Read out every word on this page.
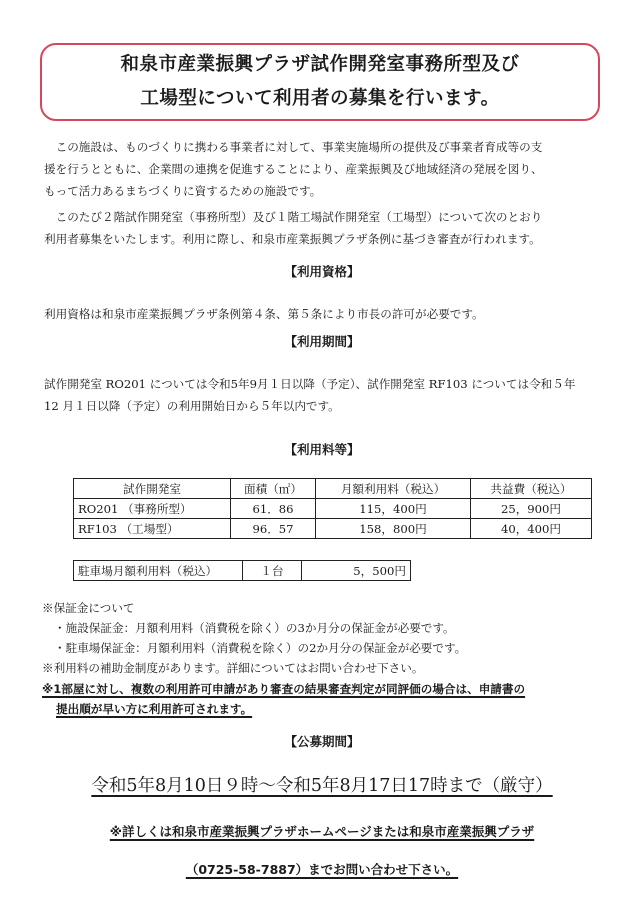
和泉市産業振興プラザ試作開発室事務所型及び
工場型について利用者の募集を行います。
　この施設は、ものづくりに携わる事業者に対して、事業実施場所の提供及び事業者育成等の支
援を行うとともに、企業間の連携を促進することにより、産業振興及び地域経済の発展を図り、
もって活力あるまちづくりに資するための施設です。
　このたび２階試作開発室（事務所型）及び１階工場試作開発室（工場型）について次のとおり
利用者募集をいたします。利用に際し、和泉市産業振興プラザ条例に基づき審査が行われます。
【利用資格】
利用資格は和泉市産業振興プラザ条例第４条、第５条により市長の許可が必要です。
【利用期間】
試作開発室 RO201 については令和5年9月１日以降（予定）、試作開発室 RF103 については令和５年
12 月１日以降（予定）の利用開始日から５年以内です。
【利用料等】
試作開発室	面積（㎡）	月額利用料（税込）	共益費（税込）
RO201 （事務所型）	61．86	115，400円	25，900円
RF103 （工場型）	96．57	158，800円	40，400円
駐車場月額利用料（税込）	１台	5，500円
※保証金について
・施設保証金：月額利用料（消費税を除く）の3か月分の保証金が必要です。
・駐車場保証金：月額利用料（消費税を除く）の2か月分の保証金が必要です。
※利用料の補助金制度があります。詳細についてはお問い合わせ下さい。
※1部屋に対し、複数の利用許可申請があり審査の結果審査判定が同評価の場合は、申請書の
提出順が早い方に利用許可されます。
【公募期間】
令和5年8月10日９時～令和5年8月17日17時まで（厳守）
※詳しくは和泉市産業振興プラザホームページまたは和泉市産業振興プラザ
（0725-58-7887）までお問い合わせ下さい。
